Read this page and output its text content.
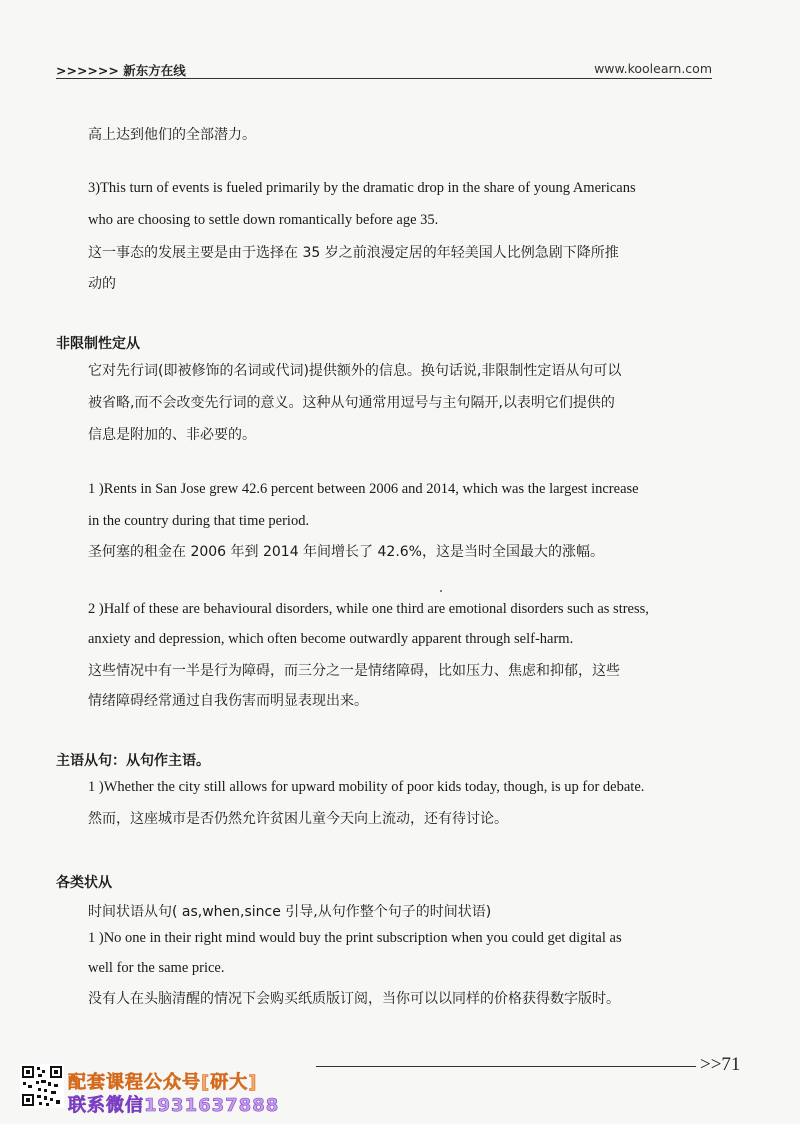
>>>>>> 新东方在线	www.koolearn.com
高上达到他们的全部潜力。
3)This turn of events is fueled primarily by the dramatic drop in the share of young Americans
who are choosing to settle down romantically before age 35.
这一事态的发展主要是由于选择在 35 岁之前浪漫定居的年轻美国人比例急剧下降所推
动的
非限制性定从
它对先行词(即被修饰的名词或代词)提供额外的信息。换句话说,非限制性定语从句可以
被省略,而不会改变先行词的意义。这种从句通常用逗号与主句隔开,以表明它们提供的
信息是附加的、非必要的。
1 )Rents in San Jose grew 42.6 percent between 2006 and 2014, which was the largest increase
in the country during that time period.
圣何塞的租金在 2006 年到 2014 年间增长了 42.6%，这是当时全国最大的涨幅。
2 )Half of these are behavioural disorders, while one third are emotional disorders such as stress,
anxiety and depression, which often become outwardly apparent through self-harm.
这些情况中有一半是行为障碍，而三分之一是情绪障碍，比如压力、焦虑和抑郁，这些
情绪障碍经常通过自我伤害而明显表现出来。
主语从句：从句作主语。
1 )Whether the city still allows for upward mobility of poor kids today, though, is up for debate.
然而，这座城市是否仍然允许贫困儿童今天向上流动，还有待讨论。
各类状从
时间状语从句( as,when,since 引导,从句作整个句子的时间状语)
1 )No one in their right mind would buy the print subscription when you could get digital as
well for the same price.
没有人在头脑清醒的情况下会购买纸质版订阅，当你可以以同样的价格获得数字版时。
>>71
配套课程公众号[研大]
联系微信1931637888
